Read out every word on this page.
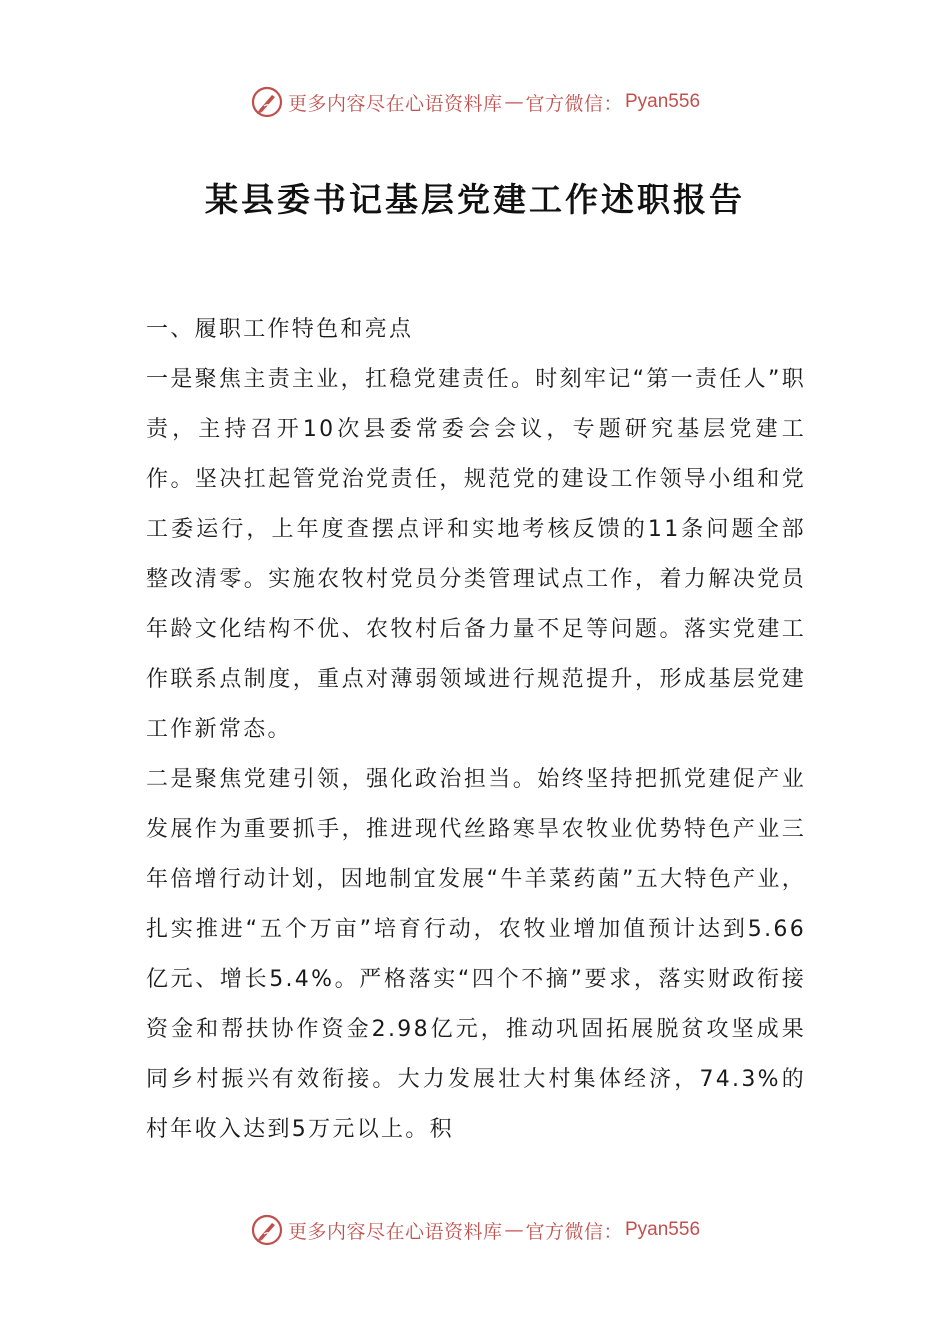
更多内容尽在心语资料库 — 官方微信： Pyan556
某县委书记基层党建工作述职报告

一、履职工作特色和亮点

一是聚焦主责主业，扛稳党建责任。时刻牢记“第一责任人”职责，主持召开10次县委常委会会议，专题研究基层党建工作。坚决扛起管党治党责任，规范党的建设工作领导小组和党工委运行，上年度查摆点评和实地考核反馈的11条问题全部整改清零。实施农牧村党员分类管理试点工作，着力解决党员年龄文化结构不优、农牧村后备力量不足等问题。落实党建工作联系点制度，重点对薄弱领域进行规范提升，形成基层党建工作新常态。

二是聚焦党建引领，强化政治担当。始终坚持把抓党建促产业发展作为重要抓手，推进现代丝路寒旱农牧业优势特色产业三年倍增行动计划，因地制宜发展“牛羊菜药菌”五大特色产业，扎实推进“五个万亩”培育行动，农牧业增加值预计达到5.66亿元、增长5.4%。严格落实“四个不摘”要求，落实财政衔接资金和帮扶协作资金2.98亿元，推动巩固拓展脱贫攻坚成果同乡村振兴有效衔接。大力发展壮大村集体经济，74.3%的村年收入达到5万元以上。积

更多内容尽在心语资料库 — 官方微信： Pyan556
